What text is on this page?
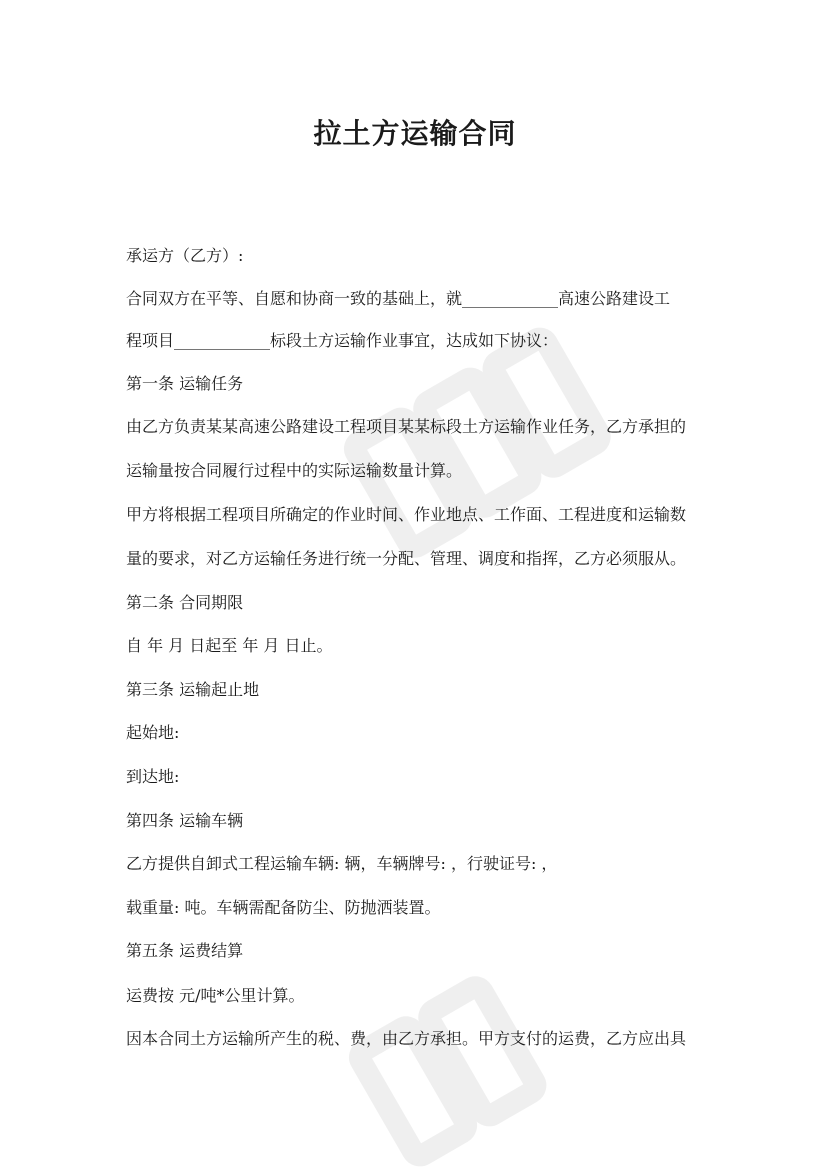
拉土方运输合同
承运方（乙方）:
合同双方在平等、自愿和协商一致的基础上，就____________高速公路建设工
程项目____________标段土方运输作业事宜，达成如下协议：
第一条 运输任务
由乙方负责某某高速公路建设工程项目某某标段土方运输作业任务，乙方承担的
运输量按合同履行过程中的实际运输数量计算。
甲方将根据工程项目所确定的作业时间、作业地点、工作面、工程进度和运输数
量的要求，对乙方运输任务进行统一分配、管理、调度和指挥，乙方必须服从。
第二条 合同期限
自 年 月 日起至 年 月 日止。
第三条 运输起止地
起始地:
到达地:
第四条 运输车辆
乙方提供自卸式工程运输车辆: 辆，车辆牌号: ，行驶证号: ，
载重量: 吨。车辆需配备防尘、防抛洒装置。
第五条 运费结算
运费按 元/吨*公里计算。
因本合同土方运输所产生的税、费，由乙方承担。甲方支付的运费，乙方应出具
